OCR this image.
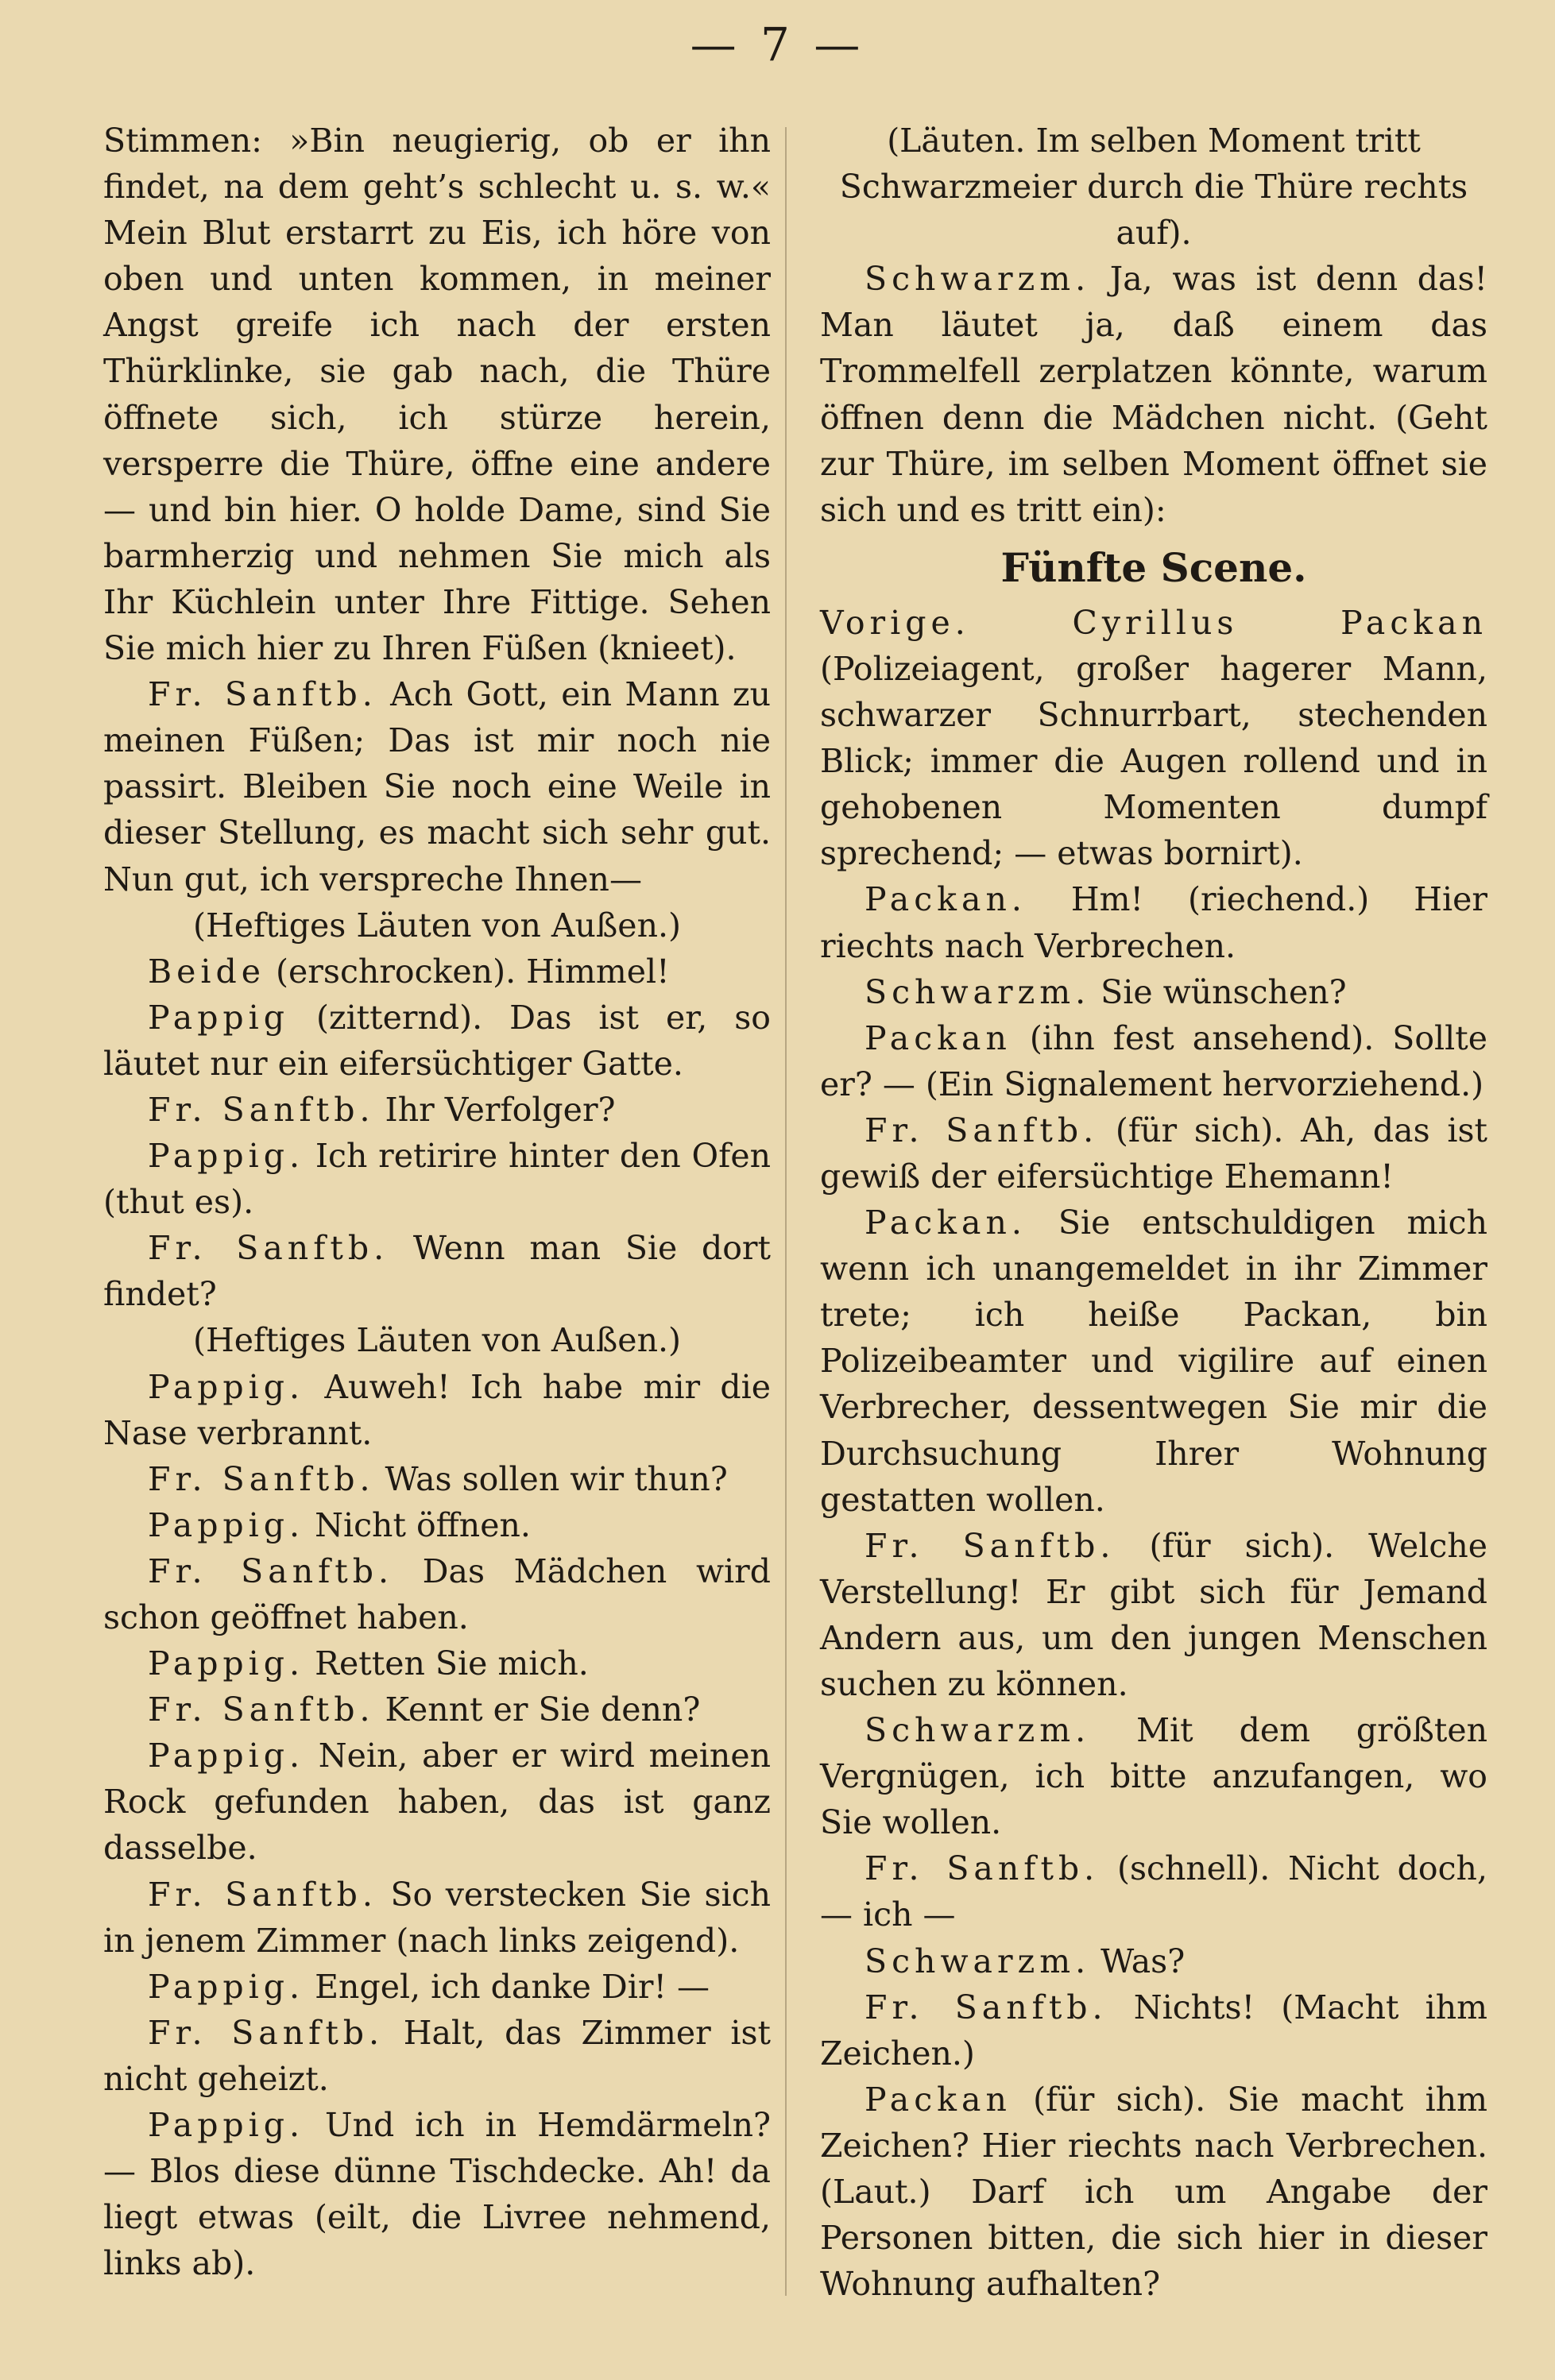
— 7 —

Stimmen: »Bin neugierig, ob er ihn findet, na dem geht’s schlecht u. s. w.« Mein Blut erstarrt zu Eis, ich höre von oben und unten kommen, in meiner Angst greife ich nach der ersten Thürklinke, sie gab nach, die Thüre öffnete sich, ich stürze herein, versperre die Thüre, öffne eine andere — und bin hier. O holde Dame, sind Sie barmherzig und nehmen Sie mich als Ihr Küchlein unter Ihre Fittige. Sehen Sie mich hier zu Ihren Füßen (knieet).

Fr. Sanftb. Ach Gott, ein Mann zu meinen Füßen; Das ist mir noch nie passirt. Bleiben Sie noch eine Weile in dieser Stellung, es macht sich sehr gut. Nun gut, ich verspreche Ihnen—

(Heftiges Läuten von Außen.)

Beide (erschrocken). Himmel!

Pappig (zitternd). Das ist er, so läutet nur ein eifersüchtiger Gatte.

Fr. Sanftb. Ihr Verfolger?

Pappig. Ich retirire hinter den Ofen (thut es).

Fr. Sanftb. Wenn man Sie dort findet?

(Heftiges Läuten von Außen.)

Pappig. Auweh! Ich habe mir die Nase verbrannt.

Fr. Sanftb. Was sollen wir thun?

Pappig. Nicht öffnen.

Fr. Sanftb. Das Mädchen wird schon geöffnet haben.

Pappig. Retten Sie mich.

Fr. Sanftb. Kennt er Sie denn?

Pappig. Nein, aber er wird meinen Rock gefunden haben, das ist ganz dasselbe.

Fr. Sanftb. So verstecken Sie sich in jenem Zimmer (nach links zeigend).

Pappig. Engel, ich danke Dir! —

Fr. Sanftb. Halt, das Zimmer ist nicht geheizt.

Pappig. Und ich in Hemdärmeln? — Blos diese dünne Tischdecke. Ah! da liegt etwas (eilt, die Livree nehmend, links ab).

(Läuten. Im selben Moment tritt Schwarzmeier durch die Thüre rechts auf).

Schwarzm. Ja, was ist denn das! Man läutet ja, daß einem das Trommelfell zerplatzen könnte, warum öffnen denn die Mädchen nicht. (Geht zur Thüre, im selben Moment öffnet sie sich und es tritt ein):

Fünfte Scene.

Vorige. Cyrillus Packan (Polizeiagent, großer hagerer Mann, schwarzer Schnurrbart, stechenden Blick; immer die Augen rollend und in gehobenen Momenten dumpf sprechend; — etwas bornirt).

Packan. Hm! (riechend.) Hier riechts nach Verbrechen.

Schwarzm. Sie wünschen?

Packan (ihn fest ansehend). Sollte er? — (Ein Signalement hervorziehend.)

Fr. Sanftb. (für sich). Ah, das ist gewiß der eifersüchtige Ehemann!

Packan. Sie entschuldigen mich wenn ich unangemeldet in ihr Zimmer trete; ich heiße Packan, bin Polizeibeamter und vigilire auf einen Verbrecher, dessentwegen Sie mir die Durchsuchung Ihrer Wohnung gestatten wollen.

Fr. Sanftb. (für sich). Welche Verstellung! Er gibt sich für Jemand Andern aus, um den jungen Menschen suchen zu können.

Schwarzm. Mit dem größten Vergnügen, ich bitte anzufangen, wo Sie wollen.

Fr. Sanftb. (schnell). Nicht doch, — ich —

Schwarzm. Was?

Fr. Sanftb. Nichts! (Macht ihm Zeichen.)

Packan (für sich). Sie macht ihm Zeichen? Hier riechts nach Verbrechen. (Laut.) Darf ich um Angabe der Personen bitten, die sich hier in dieser Wohnung aufhalten?
